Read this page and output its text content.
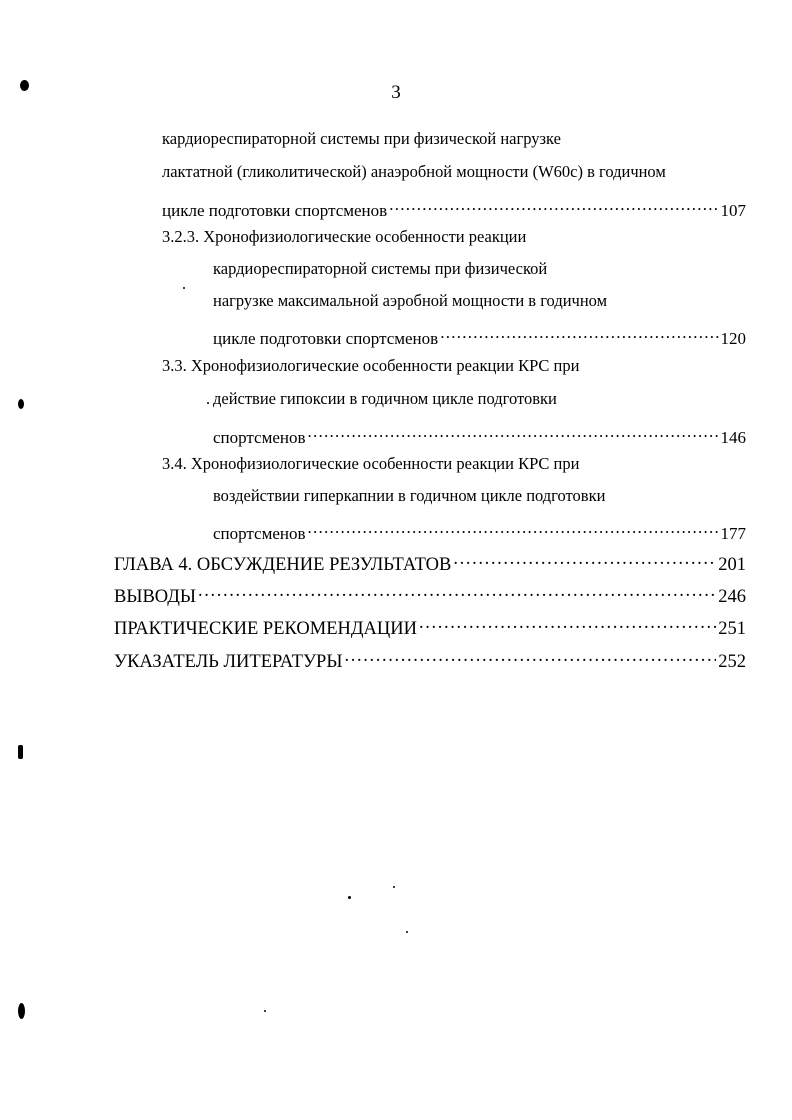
3
кардиореспираторной системы при физической нагрузке
лактатной (гликолитической) анаэробной мощности (W60с) в годичном
цикле подготовки спортсменов . . .	107
3.2.3. Хронофизиологические особенности реакции
кардиореспираторной системы при физической
нагрузке максимальной аэробной мощности в годичном
цикле подготовки спортсменов . . .	120
3.3. Хронофизиологические особенности реакции КРС при
действие гипоксии в годичном цикле подготовки
спортсменов . . .	146
3.4. Хронофизиологические особенности реакции КРС при
воздействии гиперкапнии в годичном цикле подготовки
спортсменов . . .	177
ГЛАВА 4. ОБСУЖДЕНИЕ РЕЗУЛЬТАТОВ . . .	201
ВЫВОДЫ . . .	246
ПРАКТИЧЕСКИЕ РЕКОМЕНДАЦИИ . . .	251
УКАЗАТЕЛЬ ЛИТЕРАТУРЫ . . .	252
